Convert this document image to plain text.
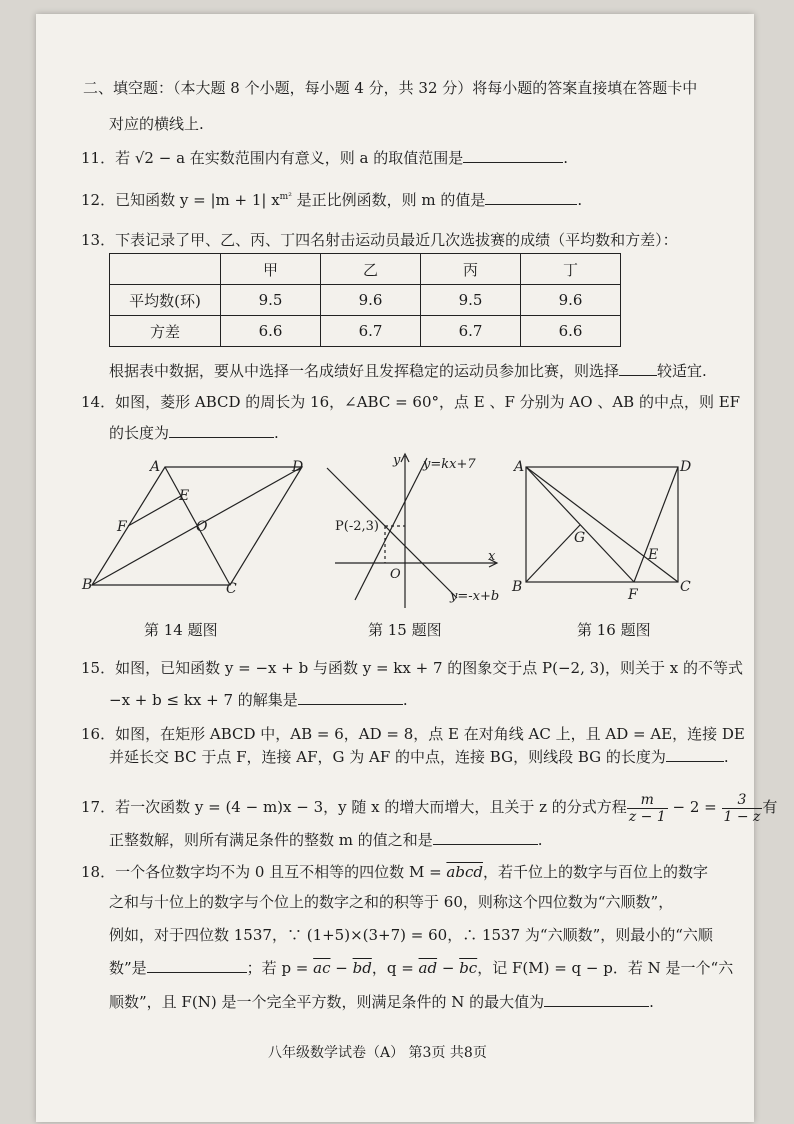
二、填空题：（本大题 8 个小题，每小题 4 分，共 32 分）将每小题的答案直接填在答题卡中
对应的横线上.
11．若 √2 − a 在实数范围内有意义，则 a 的取值范围是	.
12．已知函数 y = |m + 1| $x^{m^2}$ 是正比例函数，则 m 的值是	.
13．下表记录了甲、乙、丙、丁四名射击运动员最近几次选拔赛的成绩（平均数和方差）：
	甲	乙	丙	丁
平均数(环)	9.5	9.6	9.5	9.6
方差	6.6	6.7	6.7	6.6
根据表中数据，要从中选择一名成绩好且发挥稳定的运动员参加比赛，则选择	较适宜.
14．如图，菱形 ABCD 的周长为 16，∠ABC = 60°，点 E 、F 分别为 AO 、AB 的中点，则 EF
的长度为	.
A	D
E
F	O
B	C
第 14 题图
y y=kx+7
P(-2,3)
x
O
y=-x+b
第 15 题图
A	D
G
E
B	F	C
第 16 题图
15．如图，已知函数 y = −x + b 与函数 y = kx + 7 的图象交于点 P(−2, 3)，则关于 x 的不等式
−x + b ≤ kx + 7 的解集是	.
16．如图，在矩形 ABCD 中，AB = 6，AD = 8，点 E 在对角线 AC 上，且 AD = AE，连接 DE
并延长交 BC 于点 F，连接 AF，G 为 AF 的中点，连接 BG，则线段 BG 的长度为	.
17．若一次函数 y = (4 − m)x − 3，y 随 x 的增大而增大，且关于 z 的分式方程 $\frac{m}{z - 1} - 2 = \frac{3}{1 - z}$ 有
正整数解，则所有满足条件的整数 m 的值之和是	.
18．一个各位数字均不为 0 且互不相等的四位数 M = abcd，若千位上的数字与百位上的数字
之和与十位上的数字与个位上的数字之和的积等于 60，则称这个四位数为“六顺数”，
例如，对于四位数 1537，∵ (1+5)×(3+7) = 60，∴ 1537 为“六顺数”，则最小的“六顺
数”是	；若 $p = \overline{ac} - \overline{bd}$，$q = \overline{ad} - \overline{bc}$，记 F(M) = q − p．若 N 是一个“六
顺数”，且 F(N) 是一个完全平方数，则满足条件的 N 的最大值为	.
八年级数学试卷（A） 第3页 共8页
